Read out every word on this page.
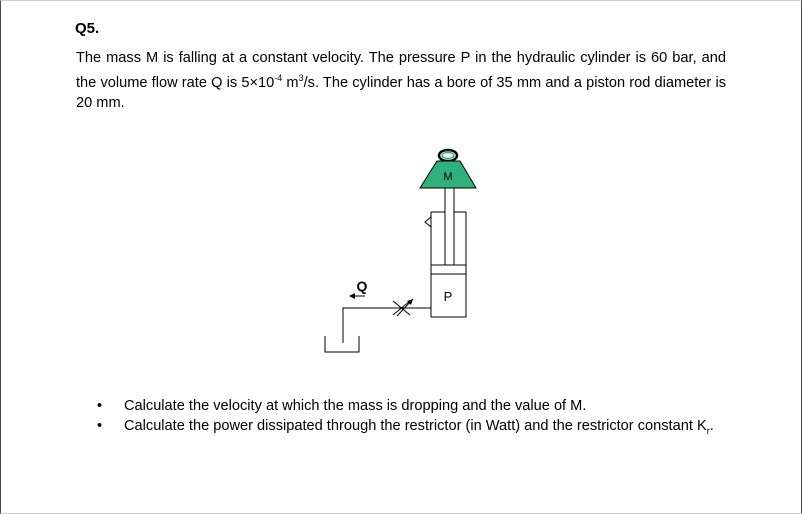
Q5.
The mass M is falling at a constant velocity. The pressure P in the hydraulic cylinder is 60 bar, and the volume flow rate Q is $5\times 10^{-4}$ $m^3/s$. The cylinder has a bore of 35 mm and a piston rod diameter is 20 mm.
M
P
Q
• Calculate the velocity at which the mass is dropping and the value of M.
• Calculate the power dissipated through the restrictor (in Watt) and the restrictor constant $K_r$.
